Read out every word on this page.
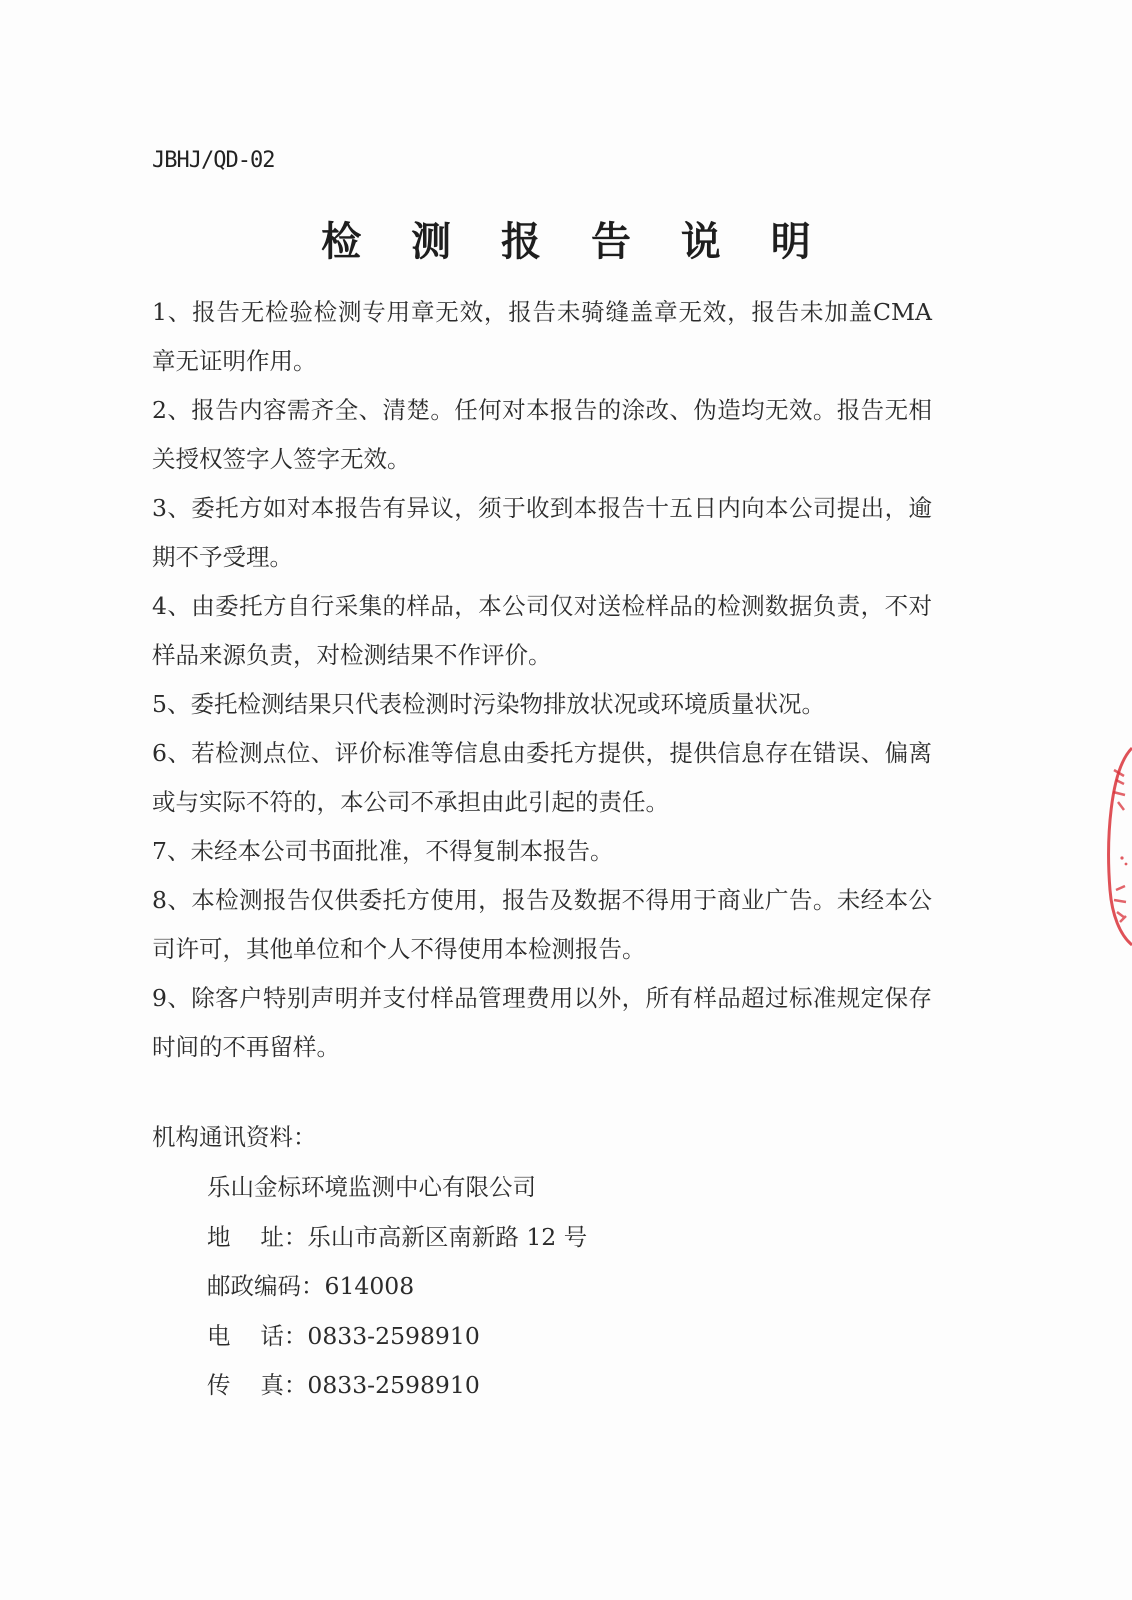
JBHJ/QD-02
检 测 报 告 说 明

1、报告无检验检测专用章无效，报告未骑缝盖章无效，报告未加盖CMA 章无证明作用。

2、报告内容需齐全、清楚。任何对本报告的涂改、伪造均无效。报告无相关授权签字人签字无效。

3、委托方如对本报告有异议，须于收到本报告十五日内向本公司提出，逾期不予受理。

4、由委托方自行采集的样品，本公司仅对送检样品的检测数据负责，不对样品来源负责，对检测结果不作评价。

5、委托检测结果只代表检测时污染物排放状况或环境质量状况。

6、若检测点位、评价标准等信息由委托方提供，提供信息存在错误、偏离或与实际不符的，本公司不承担由此引起的责任。

7、未经本公司书面批准，不得复制本报告。

8、本检测报告仅供委托方使用，报告及数据不得用于商业广告。未经本公司许可，其他单位和个人不得使用本检测报告。

9、除客户特别声明并支付样品管理费用以外，所有样品超过标准规定保存时间的不再留样。

机构通讯资料：
乐山金标环境监测中心有限公司
地    址：乐山市高新区南新路 12 号
邮政编码：614008
电    话：0833-2598910
传    真：0833-2598910
